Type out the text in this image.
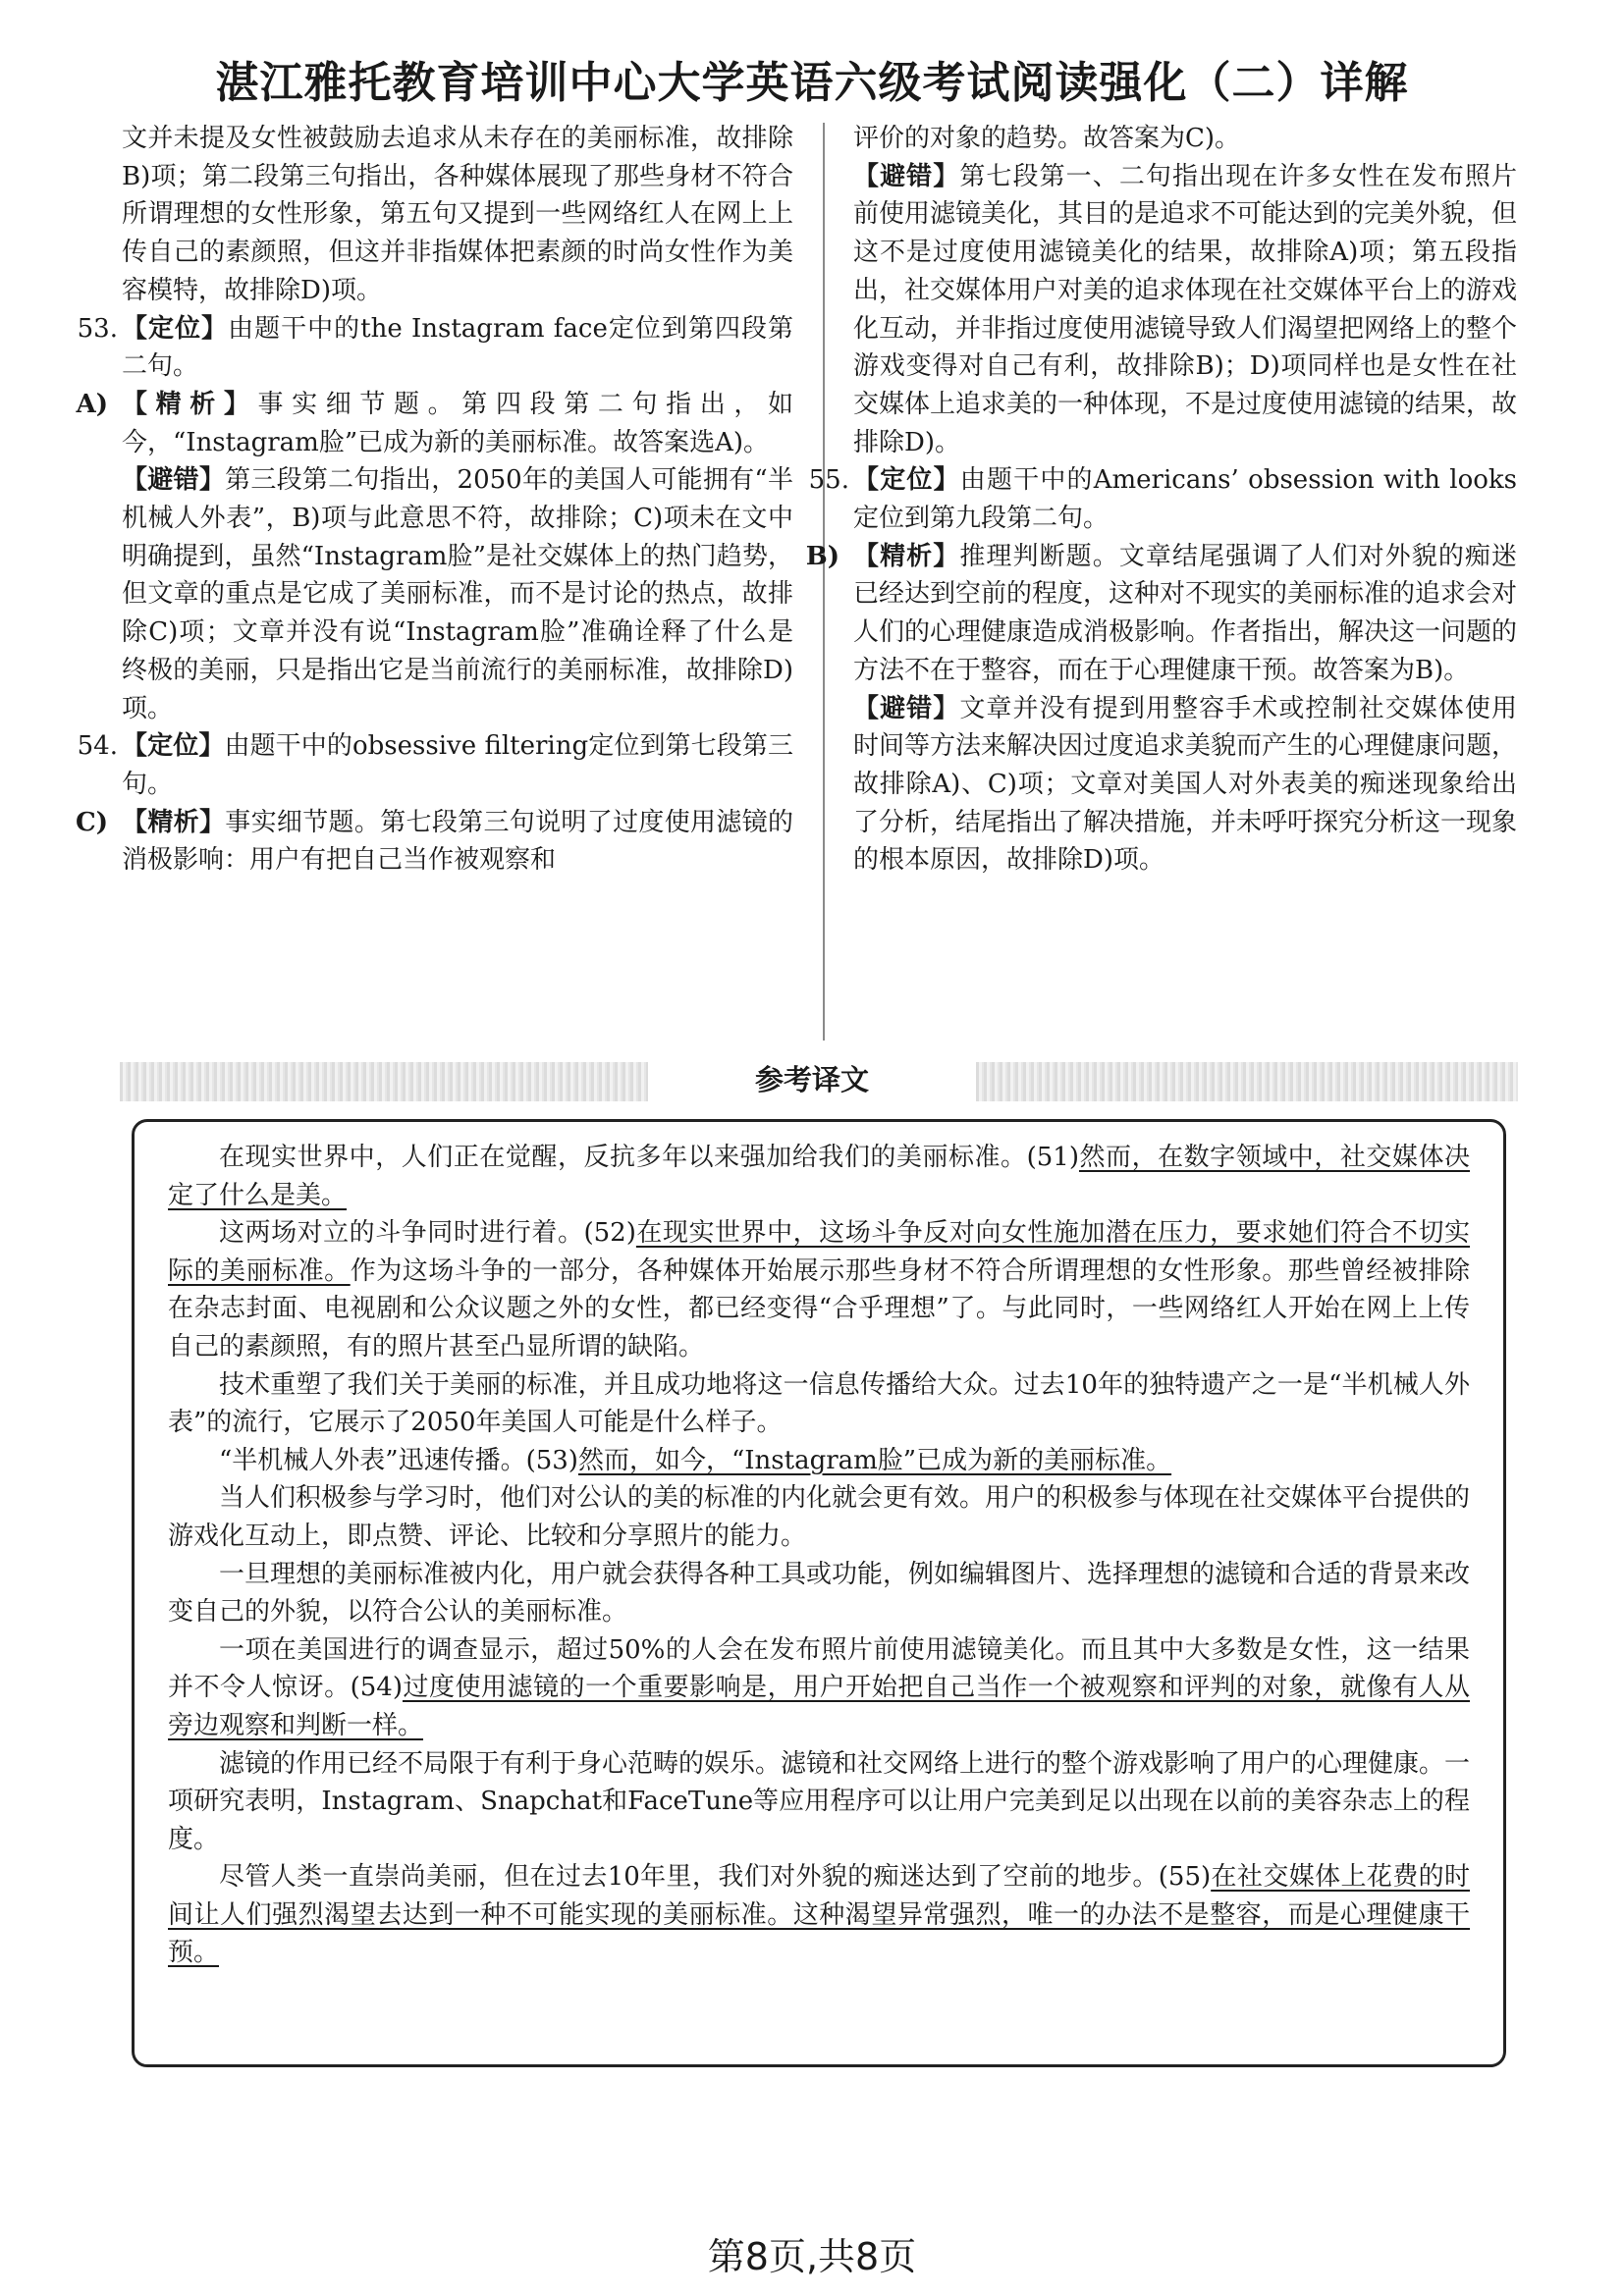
湛江雅托教育培训中心大学英语六级考试阅读强化（二）详解

文并未提及女性被鼓励去追求从未存在的美丽标准，故排除B)项；第二段第三句指出，各种媒体展现了那些身材不符合所谓理想的女性形象，第五句又提到一些网络红人在网上上传自己的素颜照，但这并非指媒体把素颜的时尚女性作为美容模特，故排除D)项。

53. 【定位】由题干中的the Instagram face定位到第四段第二句。

A) 【精析】事实细节题。第四段第二句指出，如今，“Instagram脸”已成为新的美丽标准。故答案选A)。

【避错】第三段第二句指出，2050年的美国人可能拥有“半机械人外表”，B)项与此意思不符，故排除；C)项未在文中明确提到，虽然“Instagram脸”是社交媒体上的热门趋势，但文章的重点是它成了美丽标准，而不是讨论的热点，故排除C)项；文章并没有说“Instagram脸”准确诠释了什么是终极的美丽，只是指出它是当前流行的美丽标准，故排除D)项。

54. 【定位】由题干中的obsessive filtering定位到第七段第三句。

C) 【精析】事实细节题。第七段第三句说明了过度使用滤镜的消极影响：用户有把自己当作被观察和

评价的对象的趋势。故答案为C)。

【避错】第七段第一、二句指出现在许多女性在发布照片前使用滤镜美化，其目的是追求不可能达到的完美外貌，但这不是过度使用滤镜美化的结果，故排除A)项；第五段指出，社交媒体用户对美的追求体现在社交媒体平台上的游戏化互动，并非指过度使用滤镜导致人们渴望把网络上的整个游戏变得对自己有利，故排除B)；D)项同样也是女性在社交媒体上追求美的一种体现，不是过度使用滤镜的结果，故排除D)。

55. 【定位】由题干中的Americans’ obsession with looks定位到第九段第二句。

B) 【精析】推理判断题。文章结尾强调了人们对外貌的痴迷已经达到空前的程度，这种对不现实的美丽标准的追求会对人们的心理健康造成消极影响。作者指出，解决这一问题的方法不在于整容，而在于心理健康干预。故答案为B)。

【避错】文章并没有提到用整容手术或控制社交媒体使用时间等方法来解决因过度追求美貌而产生的心理健康问题，故排除A)、C)项；文章对美国人对外表美的痴迷现象给出了分析，结尾指出了解决措施，并未呼吁探究分析这一现象的根本原因，故排除D)项。

参考译文

在现实世界中，人们正在觉醒，反抗多年以来强加给我们的美丽标准。(51)然而，在数字领域中，社交媒体决定了什么是美。

这两场对立的斗争同时进行着。(52)在现实世界中，这场斗争反对向女性施加潜在压力，要求她们符合不切实际的美丽标准。作为这场斗争的一部分，各种媒体开始展示那些身材不符合所谓理想的女性形象。那些曾经被排除在杂志封面、电视剧和公众议题之外的女性，都已经变得“合乎理想”了。与此同时，一些网络红人开始在网上上传自己的素颜照，有的照片甚至凸显所谓的缺陷。

技术重塑了我们关于美丽的标准，并且成功地将这一信息传播给大众。过去10年的独特遗产之一是“半机械人外表”的流行，它展示了2050年美国人可能是什么样子。

“半机械人外表”迅速传播。(53)然而，如今，“Instagram脸”已成为新的美丽标准。

当人们积极参与学习时，他们对公认的美的标准的内化就会更有效。用户的积极参与体现在社交媒体平台提供的游戏化互动上，即点赞、评论、比较和分享照片的能力。

一旦理想的美丽标准被内化，用户就会获得各种工具或功能，例如编辑图片、选择理想的滤镜和合适的背景来改变自己的外貌，以符合公认的美丽标准。

一项在美国进行的调查显示，超过50%的人会在发布照片前使用滤镜美化。而且其中大多数是女性，这一结果并不令人惊讶。(54)过度使用滤镜的一个重要影响是，用户开始把自己当作一个被观察和评判的对象，就像有人从旁边观察和判断一样。

滤镜的作用已经不局限于有利于身心范畴的娱乐。滤镜和社交网络上进行的整个游戏影响了用户的心理健康。一项研究表明，Instagram、Snapchat和FaceTune等应用程序可以让用户完美到足以出现在以前的美容杂志上的程度。

尽管人类一直崇尚美丽，但在过去10年里，我们对外貌的痴迷达到了空前的地步。(55)在社交媒体上花费的时间让人们强烈渴望去达到一种不可能实现的美丽标准。这种渴望异常强烈，唯一的办法不是整容，而是心理健康干预。

第8页,共8页
